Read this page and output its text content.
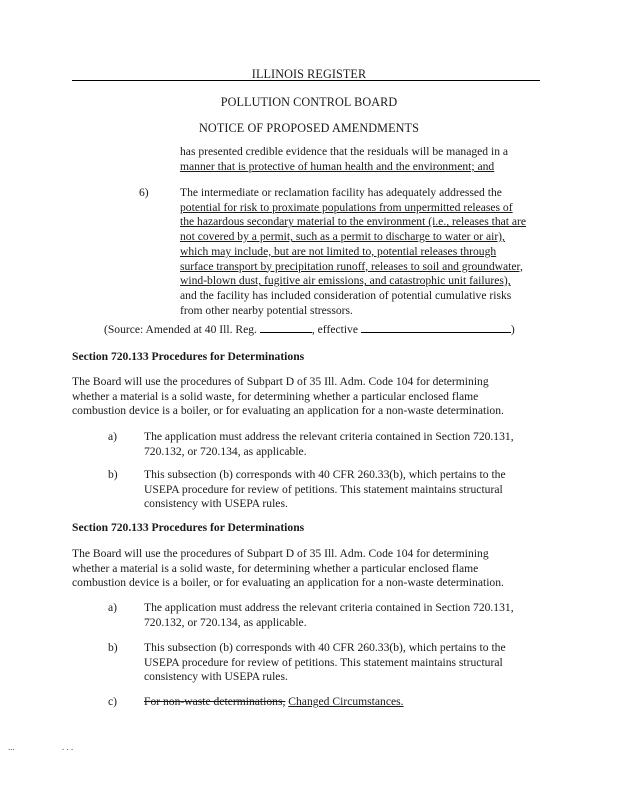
ILLINOIS REGISTER
POLLUTION CONTROL BOARD
NOTICE OF PROPOSED AMENDMENTS
has presented credible evidence that the residuals will be managed in a
manner that is protective of human health and the environment; and
6)	The intermediate or reclamation facility has adequately addressed the
potential for risk to proximate populations from unpermitted releases of
the hazardous secondary material to the environment (i.e., releases that are
not covered by a permit, such as a permit to discharge to water or air),
which may include, but are not limited to, potential releases through
surface transport by precipitation runoff, releases to soil and groundwater,
wind-blown dust, fugitive air emissions, and catastrophic unit failures),
and the facility has included consideration of potential cumulative risks
from other nearby potential stressors.
(Source: Amended at 40 Ill. Reg.	, effective	)
Section 720.133 Procedures for Determinations
The Board will use the procedures of Subpart D of 35 Ill. Adm. Code 104 for determining
whether a material is a solid waste, for determining whether a particular enclosed flame
combustion device is a boiler, or for evaluating an application for a non-waste determination.
a) The application must address the relevant criteria contained in Section 720.131,
720.132, or 720.134, as applicable.
b) This subsection (b) corresponds with 40 CFR 260.33(b), which pertains to the
USEPA procedure for review of petitions. This statement maintains structural
consistency with USEPA rules.
Section 720.133 Procedures for Determinations
The Board will use the procedures of Subpart D of 35 Ill. Adm. Code 104 for determining
whether a material is a solid waste, for determining whether a particular enclosed flame
combustion device is a boiler, or for evaluating an application for a non-waste determination.
a) The application must address the relevant criteria contained in Section 720.131,
720.132, or 720.134, as applicable.
b) This subsection (b) corresponds with 40 CFR 260.33(b), which pertains to the
USEPA procedure for review of petitions. This statement maintains structural
consistency with USEPA rules.
c) For non-waste determinations, Changed Circumstances.
...	. . .
